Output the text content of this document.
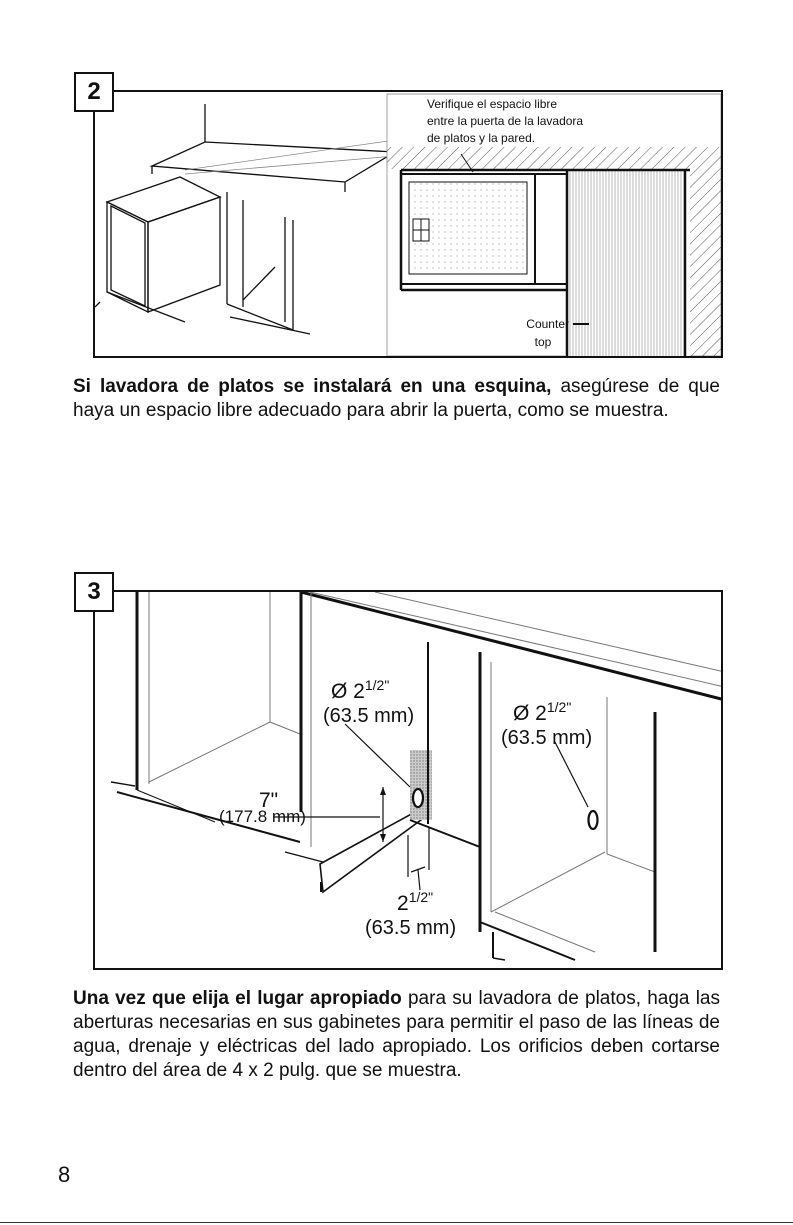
2	Verifique el espacio libre
entre la puerta de la lavadora
de platos y la pared.
Counter
top

Si lavadora de platos se instalará en una esquina, asegúrese de que haya un espacio libre adecuado para abrir la puerta, como se muestra.

3
Ø $2^{1/2"}$
(63.5 mm)	Ø $2^{1/2"}$
(63.5 mm)
7"
(177.8 mm)
$2^{1/2"}$
(63.5 mm)

Una vez que elija el lugar apropiado para su lavadora de platos, haga las aberturas necesarias en sus gabinetes para permitir el paso de las líneas de agua, drenaje y eléctricas del lado apropiado. Los orificios deben cortarse dentro del área de 4 x 2 pulg. que se muestra.

8
